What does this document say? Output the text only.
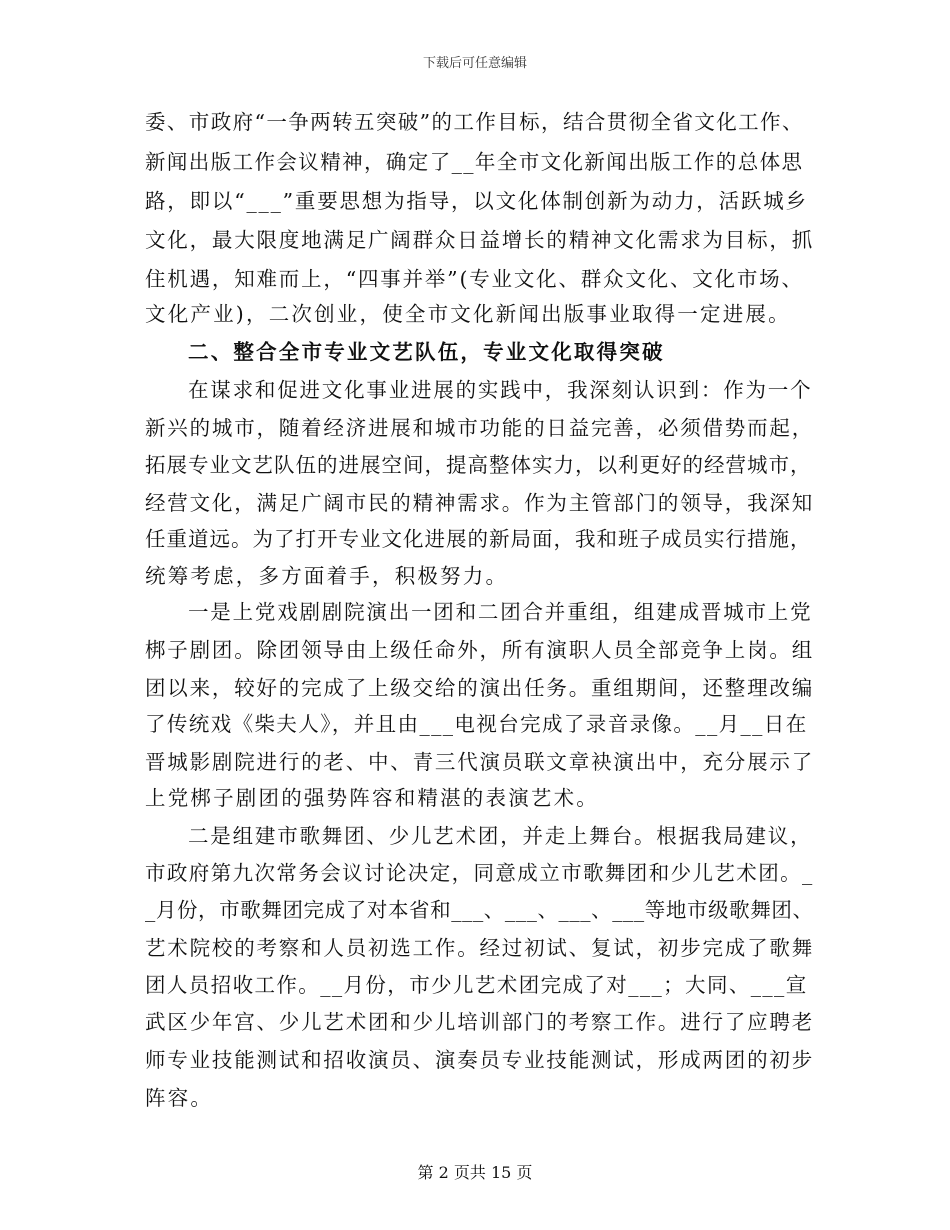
下载后可任意编辑
委、市政府“一争两转五突破”的工作目标，结合贯彻全省文化工作、
新闻出版工作会议精神，确定了__年全市文化新闻出版工作的总体思
路，即以“___”重要思想为指导，以文化体制创新为动力，活跃城乡
文化，最大限度地满足广阔群众日益增长的精神文化需求为目标，抓
住机遇，知难而上，“四事并举”(专业文化、群众文化、文化市场、
文化产业)，二次创业，使全市文化新闻出版事业取得一定进展。
二、整合全市专业文艺队伍，专业文化取得突破
在谋求和促进文化事业进展的实践中，我深刻认识到：作为一个
新兴的城市，随着经济进展和城市功能的日益完善，必须借势而起，
拓展专业文艺队伍的进展空间，提高整体实力，以利更好的经营城市，
经营文化，满足广阔市民的精神需求。作为主管部门的领导，我深知
任重道远。为了打开专业文化进展的新局面，我和班子成员实行措施，
统筹考虑，多方面着手，积极努力。
一是上党戏剧剧院演出一团和二团合并重组，组建成晋城市上党
梆子剧团。除团领导由上级任命外，所有演职人员全部竞争上岗。组
团以来，较好的完成了上级交给的演出任务。重组期间，还整理改编
了传统戏《柴夫人》，并且由___电视台完成了录音录像。__月__日在
晋城影剧院进行的老、中、青三代演员联文章袂演出中，充分展示了
上党梆子剧团的强势阵容和精湛的表演艺术。
二是组建市歌舞团、少儿艺术团，并走上舞台。根据我局建议，
市政府第九次常务会议讨论决定，同意成立市歌舞团和少儿艺术团。_
_月份，市歌舞团完成了对本省和___、___、___、___等地市级歌舞团、
艺术院校的考察和人员初选工作。经过初试、复试，初步完成了歌舞
团人员招收工作。__月份，市少儿艺术团完成了对___；大同、___宣
武区少年宫、少儿艺术团和少儿培训部门的考察工作。进行了应聘老
师专业技能测试和招收演员、演奏员专业技能测试，形成两团的初步
阵容。
第 2 页共 15 页
